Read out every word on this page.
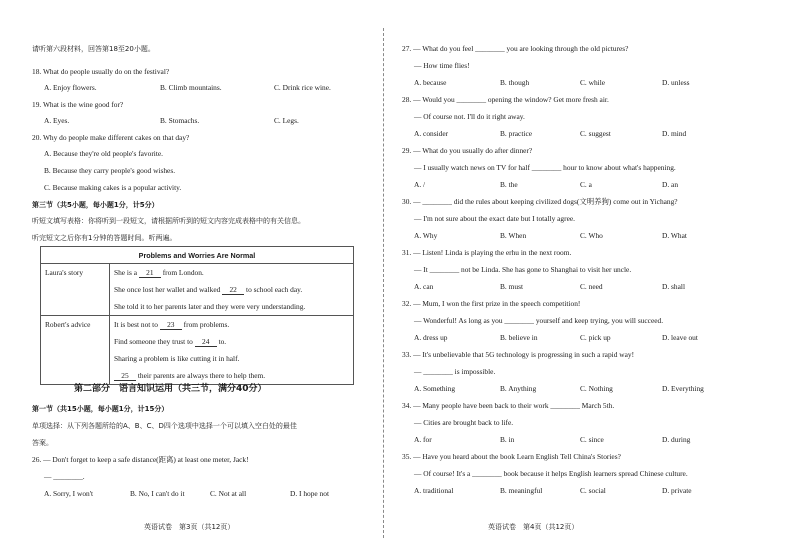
请听第六段材料，回答第18至20小题。
18. What do people usually do on the festival?
A. Enjoy flowers.	B. Climb mountains.	C. Drink rice wine.
19. What is the wine good for?
A. Eyes.	B. Stomachs.	C. Legs.
20. Why do people make different cakes on that day?
A. Because they're old people's favorite.
B. Because they carry people's good wishes.
C. Because making cakes is a popular activity.
第三节（共5小题，每小题1分，计5分）
听短文填写表格：你将听到一段短文，请根据所听到的短文内容完成表格中的有关信息。
听完短文之后你有1分钟的答题时间。听两遍。
Problems and Worries Are Normal	
Laura's story	She is a 21 from London.
She once lost her wallet and walked 22 to school each day.
She told it to her parents later and they were very understanding.

Robert's advice	It is best not to 23 from problems.
Find someone they trust to 24 to.
Sharing a problem is like cutting it in half.
25 their parents are always there to help them.
第二部分　语言知识运用（共三节，满分40分）
第一节（共15小题，每小题1分，计15分）
单项选择：从下列各题所给的A、B、C、D四个选项中选择一个可以填入空白处的最佳
答案。
26. — Don't forget to keep a safe distance(距离) at least one meter, Jack!
— ________.
A. Sorry, I won't	B. No, I can't do it	C. Not at all	D. I hope not
英语试卷　第3页（共12页）
27. — What do you feel ________ you are looking through the old pictures?
— How time flies!
A. because	B. though	C. while	D. unless
28. — Would you ________ opening the window? Get more fresh air.
— Of course not. I'll do it right away.
A. consider	B. practice	C. suggest	D. mind
29. — What do you usually do after dinner?
— I usually watch news on TV for half ________ hour to know about what's happening.
A. /	B. the	C. a	D. an
30. — ________ did the rules about keeping civilized dogs(文明养狗) come out in Yichang?
— I'm not sure about the exact date but I totally agree.
A. Why	B. When	C. Who	D. What
31. — Listen! Linda is playing the erhu in the next room.
— It ________ not be Linda. She has gone to Shanghai to visit her uncle.
A. can	B. must	C. need	D. shall
32. — Mum, I won the first prize in the speech competition!
— Wonderful! As long as you ________ yourself and keep trying, you will succeed.
A. dress up	B. believe in	C. pick up	D. leave out
33. — It's unbelievable that 5G technology is progressing in such a rapid way!
— ________ is impossible.
A. Something	B. Anything	C. Nothing	D. Everything
34. — Many people have been back to their work ________ March 5th.
— Cities are brought back to life.
A. for	B. in	C. since	D. during
35. — Have you heard about the book Learn English Tell China's Stories?
— Of course! It's a ________ book because it helps English learners spread Chinese culture.
A. traditional	B. meaningful	C. social	D. private
英语试卷　第4页（共12页）
